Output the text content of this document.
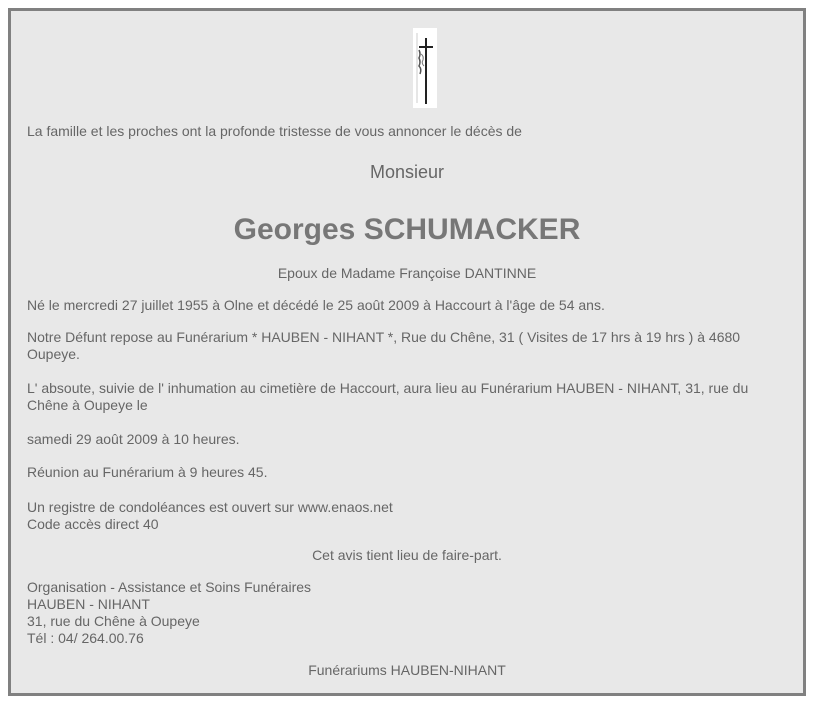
La famille et les proches ont la profonde tristesse de vous annoncer le décès de

Monsieur

Georges SCHUMACKER

Epoux de Madame Françoise DANTINNE

Né le mercredi 27 juillet 1955 à Olne et décédé le 25 août 2009 à Haccourt à l'âge de 54 ans.

Notre Défunt repose au Funérarium * HAUBEN - NIHANT *, Rue du Chêne, 31 ( Visites de 17 hrs à 19 hrs ) à 4680

Oupeye.

L' absoute, suivie de l' inhumation au cimetière de Haccourt, aura lieu au Funérarium HAUBEN - NIHANT, 31, rue du

Chêne à Oupeye le

samedi 29 août 2009 à 10 heures.

Réunion au Funérarium à 9 heures 45.

Un registre de condoléances est ouvert sur www.enaos.net

Code accès direct 40

Cet avis tient lieu de faire-part.

Organisation - Assistance et Soins Funéraires

HAUBEN - NIHANT

31, rue du Chêne à Oupeye

Tél : 04/ 264.00.76

Funérariums HAUBEN-NIHANT
